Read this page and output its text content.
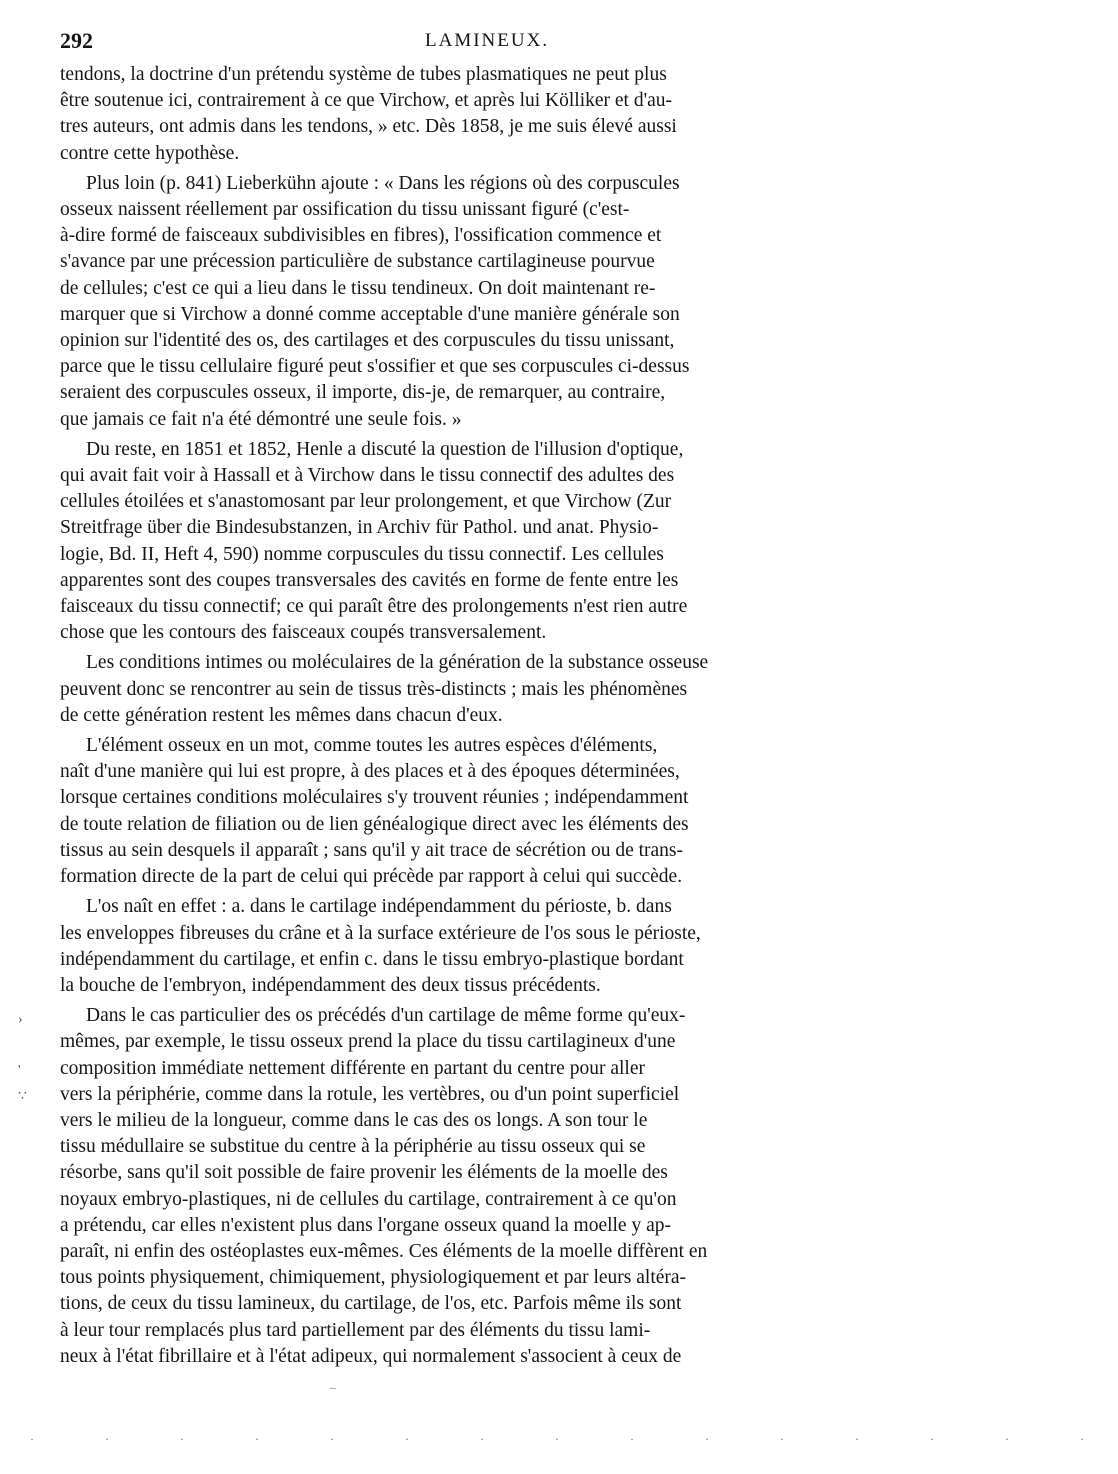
292	LAMINEUX.
tendons, la doctrine d'un prétendu système de tubes plasmatiques ne peut plus
être soutenue ici, contrairement à ce que Virchow, et après lui Kölliker et d'au-
tres auteurs, ont admis dans les tendons, » etc. Dès 1858, je me suis élevé aussi
contre cette hypothèse.
Plus loin (p. 841) Lieberkühn ajoute : « Dans les régions où des corpuscules
osseux naissent réellement par ossification du tissu unissant figuré (c'est-
à-dire formé de faisceaux subdivisibles en fibres), l'ossification commence et
s'avance par une précession particulière de substance cartilagineuse pourvue
de cellules; c'est ce qui a lieu dans le tissu tendineux. On doit maintenant re-
marquer que si Virchow a donné comme acceptable d'une manière générale son
opinion sur l'identité des os, des cartilages et des corpuscules du tissu unissant,
parce que le tissu cellulaire figuré peut s'ossifier et que ses corpuscules ci-dessus
seraient des corpuscules osseux, il importe, dis-je, de remarquer, au contraire,
que jamais ce fait n'a été démontré une seule fois. »
Du reste, en 1851 et 1852, Henle a discuté la question de l'illusion d'optique,
qui avait fait voir à Hassall et à Virchow dans le tissu connectif des adultes des
cellules étoilées et s'anastomosant par leur prolongement, et que Virchow (Zur
Streitfrage über die Bindesubstanzen, in Archiv für Pathol. und anat. Physio-
logie, Bd. II, Heft 4, 590) nomme corpuscules du tissu connectif. Les cellules
apparentes sont des coupes transversales des cavités en forme de fente entre les
faisceaux du tissu connectif; ce qui paraît être des prolongements n'est rien autre
chose que les contours des faisceaux coupés transversalement.
Les conditions intimes ou moléculaires de la génération de la substance osseuse
peuvent donc se rencontrer au sein de tissus très-distincts ; mais les phénomènes
de cette génération restent les mêmes dans chacun d'eux.
L'élément osseux en un mot, comme toutes les autres espèces d'éléments,
naît d'une manière qui lui est propre, à des places et à des époques déterminées,
lorsque certaines conditions moléculaires s'y trouvent réunies ; indépendamment
de toute relation de filiation ou de lien généalogique direct avec les éléments des
tissus au sein desquels il apparaît ; sans qu'il y ait trace de sécrétion ou de trans-
formation directe de la part de celui qui précède par rapport à celui qui succède.
L'os naît en effet : a. dans le cartilage indépendamment du périoste, b. dans
les enveloppes fibreuses du crâne et à la surface extérieure de l'os sous le périoste,
indépendamment du cartilage, et enfin c. dans le tissu embryo-plastique bordant
la bouche de l'embryon, indépendamment des deux tissus précédents.
Dans le cas particulier des os précédés d'un cartilage de même forme qu'eux-
mêmes, par exemple, le tissu osseux prend la place du tissu cartilagineux d'une
composition immédiate nettement différente en partant du centre pour aller
vers la périphérie, comme dans la rotule, les vertèbres, ou d'un point superficiel
vers le milieu de la longueur, comme dans le cas des os longs. A son tour le
tissu médullaire se substitue du centre à la périphérie au tissu osseux qui se
résorbe, sans qu'il soit possible de faire provenir les éléments de la moelle des
noyaux embryo-plastiques, ni de cellules du cartilage, contrairement à ce qu'on
a prétendu, car elles n'existent plus dans l'organe osseux quand la moelle y ap-
paraît, ni enfin des ostéoplastes eux-mêmes. Ces éléments de la moelle diffèrent en
tous points physiquement, chimiquement, physiologiquement et par leurs altéra-
tions, de ceux du tissu lamineux, du cartilage, de l'os, etc. Parfois même ils sont
à leur tour remplacés plus tard partiellement par des éléments du tissu lami-
neux à l'état fibrillaire et à l'état adipeux, qui normalement s'associent à ceux de
›
'
∵
–
· · · · · · · · · · · · · · ·
